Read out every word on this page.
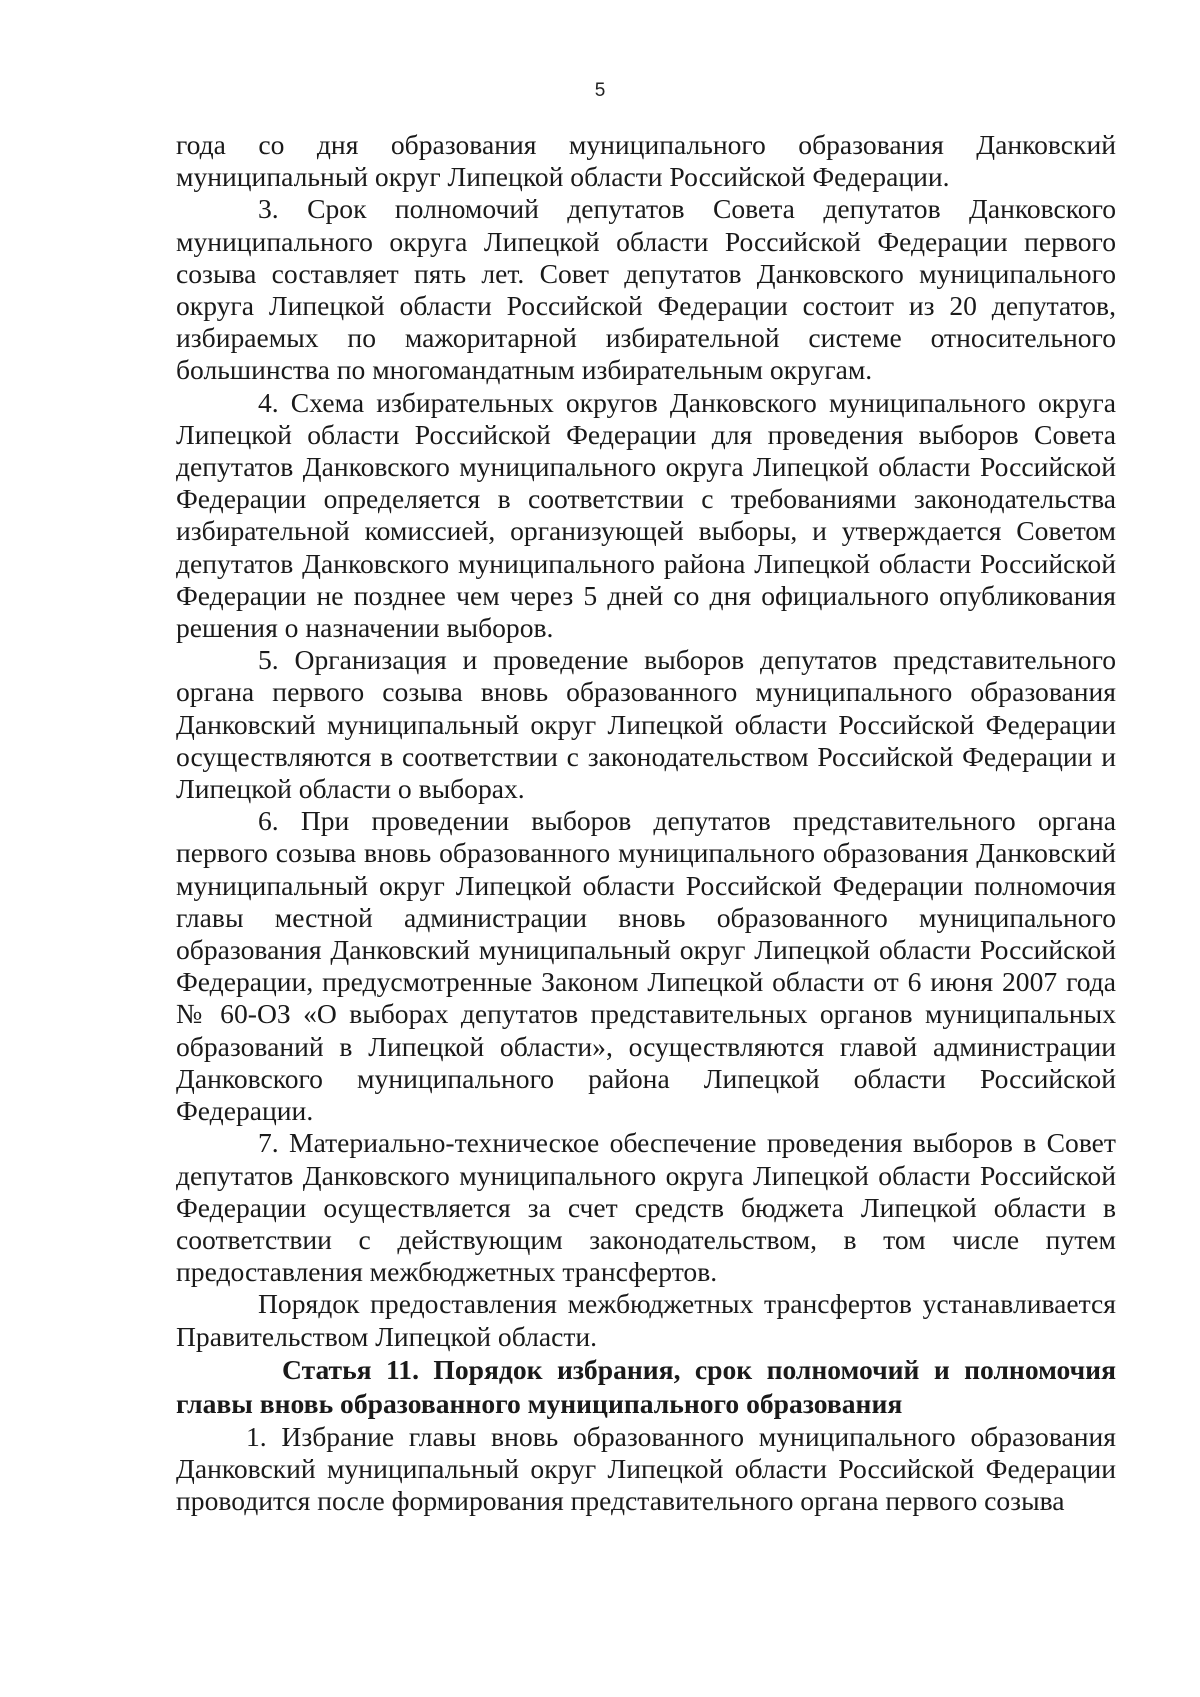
5

года со дня образования муниципального образования Данковский муниципальный округ Липецкой области Российской Федерации.

3. Срок полномочий депутатов Совета депутатов Данковского муниципального округа Липецкой области Российской Федерации первого созыва составляет пять лет. Совет депутатов Данковского муниципального округа Липецкой области Российской Федерации состоит из 20 депутатов, избираемых по мажоритарной избирательной системе относительного большинства по многомандатным избирательным округам.

4. Схема избирательных округов Данковского муниципального округа Липецкой области Российской Федерации для проведения выборов Совета депутатов Данковского муниципального округа Липецкой области Российской Федерации определяется в соответствии с требованиями законодательства избирательной комиссией, организующей выборы, и утверждается Советом депутатов Данковского муниципального района Липецкой области Российской Федерации не позднее чем через 5 дней со дня официального опубликования решения о назначении выборов.

5. Организация и проведение выборов депутатов представительного органа первого созыва вновь образованного муниципального образования Данковский муниципальный округ Липецкой области Российской Федерации осуществляются в соответствии с законодательством Российской Федерации и Липецкой области о выборах.

6. При проведении выборов депутатов представительного органа первого созыва вновь образованного муниципального образования Данковский муниципальный округ Липецкой области Российской Федерации полномочия главы местной администрации вновь образованного муниципального образования Данковский муниципальный округ Липецкой области Российской Федерации, предусмотренные Законом Липецкой области от 6 июня 2007 года № 60-ОЗ «О выборах депутатов представительных органов муниципальных образований в Липецкой области», осуществляются главой администрации Данковского муниципального района Липецкой области Российской Федерации.

7. Материально-техническое обеспечение проведения выборов в Совет депутатов Данковского муниципального округа Липецкой области Российской Федерации осуществляется за счет средств бюджета Липецкой области в соответствии с действующим законодательством, в том числе путем предоставления межбюджетных трансфертов.

Порядок предоставления межбюджетных трансфертов устанавливается Правительством Липецкой области.

Статья 11. Порядок избрания, срок полномочий и полномочия главы вновь образованного муниципального образования

1. Избрание главы вновь образованного муниципального образования Данковский муниципальный округ Липецкой области Российской Федерации проводится после формирования представительного органа первого созыва
